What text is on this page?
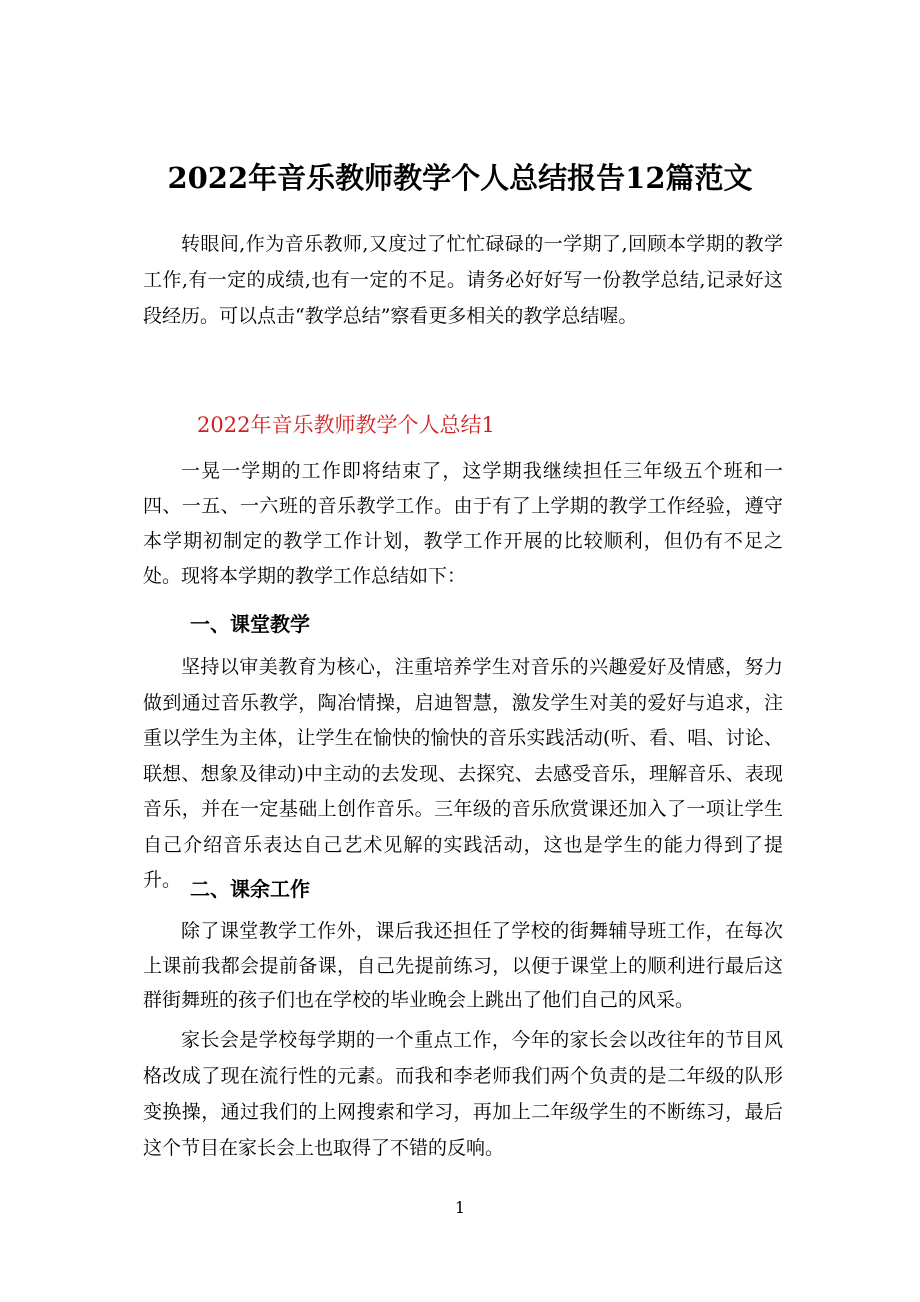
2022年音乐教师教学个人总结报告12篇范文

转眼间,作为音乐教师,又度过了忙忙碌碌的一学期了,回顾本学期的教学工作,有一定的成绩,也有一定的不足。请务必好好写一份教学总结,记录好这段经历。可以点击“教学总结”察看更多相关的教学总结喔。

2022年音乐教师教学个人总结1

一晃一学期的工作即将结束了，这学期我继续担任三年级五个班和一四、一五、一六班的音乐教学工作。由于有了上学期的教学工作经验，遵守本学期初制定的教学工作计划，教学工作开展的比较顺利，但仍有不足之处。现将本学期的教学工作总结如下：

一、课堂教学

坚持以审美教育为核心，注重培养学生对音乐的兴趣爱好及情感，努力做到通过音乐教学，陶冶情操，启迪智慧，激发学生对美的爱好与追求，注重以学生为主体，让学生在愉快的愉快的音乐实践活动(听、看、唱、讨论、联想、想象及律动)中主动的去发现、去探究、去感受音乐，理解音乐、表现音乐，并在一定基础上创作音乐。三年级的音乐欣赏课还加入了一项让学生自己介绍音乐表达自己艺术见解的实践活动，这也是学生的能力得到了提升。 二、课余工作

除了课堂教学工作外，课后我还担任了学校的街舞辅导班工作，在每次上课前我都会提前备课，自己先提前练习，以便于课堂上的顺利进行最后这群街舞班的孩子们也在学校的毕业晚会上跳出了他们自己的风采。

家长会是学校每学期的一个重点工作，今年的家长会以改往年的节目风格改成了现在流行性的元素。而我和李老师我们两个负责的是二年级的队形变换操，通过我们的上网搜索和学习，再加上二年级学生的不断练习，最后这个节目在家长会上也取得了不错的反响。

1
